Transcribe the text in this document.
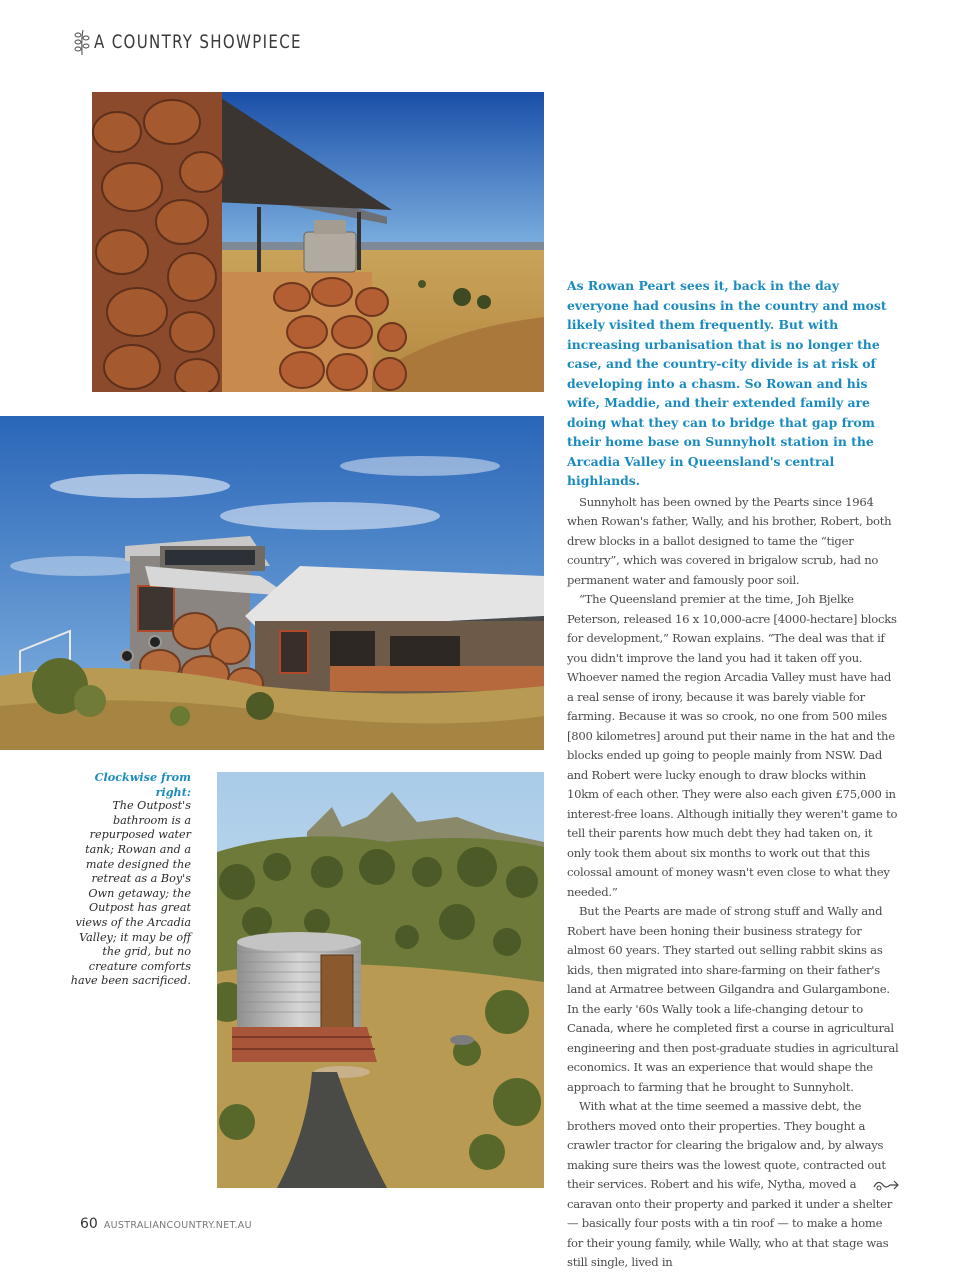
A COUNTRY SHOWPIECE
Clockwise from right:
The Outpost's bathroom is a repurposed water tank; Rowan and a mate designed the retreat as a Boy's Own getaway; the Outpost has great views of the Arcadia Valley; it may be off the grid, but no creature comforts have been sacrificed.

As Rowan Peart sees it, back in the day everyone had cousins in the country and most likely visited them frequently. But with increasing urbanisation that is no longer the case, and the country-city divide is at risk of developing into a chasm. So Rowan and his wife, Maddie, and their extended family are doing what they can to bridge that gap from their home base on Sunnyholt station in the Arcadia Valley in Queensland's central highlands.

Sunnyholt has been owned by the Pearts since 1964 when Rowan's father, Wally, and his brother, Robert, both drew blocks in a ballot designed to tame the “tiger country”, which was covered in brigalow scrub, had no permanent water and famously poor soil.

“The Queensland premier at the time, Joh Bjelke Peterson, released 16 x 10,000-acre [4000-hectare] blocks for development,” Rowan explains. “The deal was that if you didn't improve the land you had it taken off you. Whoever named the region Arcadia Valley must have had a real sense of irony, because it was barely viable for farming. Because it was so crook, no one from 500 miles [800 kilometres] around put their name in the hat and the blocks ended up going to people mainly from NSW. Dad and Robert were lucky enough to draw blocks within 10km of each other. They were also each given £75,000 in interest-free loans. Although initially they weren't game to tell their parents how much debt they had taken on, it only took them about six months to work out that this colossal amount of money wasn't even close to what they needed.”

But the Pearts are made of strong stuff and Wally and Robert have been honing their business strategy for almost 60 years. They started out selling rabbit skins as kids, then migrated into share-farming on their father's land at Armatree between Gilgandra and Gulargambone. In the early '60s Wally took a life-changing detour to Canada, where he completed first a course in agricultural engineering and then post-graduate studies in agricultural economics. It was an experience that would shape the approach to farming that he brought to Sunnyholt.

With what at the time seemed a massive debt, the brothers moved onto their properties. They bought a crawler tractor for clearing the brigalow and, by always making sure theirs was the lowest quote, contracted out their services. Robert and his wife, Nytha, moved a caravan onto their property and parked it under a shelter — basically four posts with a tin roof — to make a home for their young family, while Wally, who at that stage was still single, lived in

60 AUSTRALIANCOUNTRY.NET.AU
